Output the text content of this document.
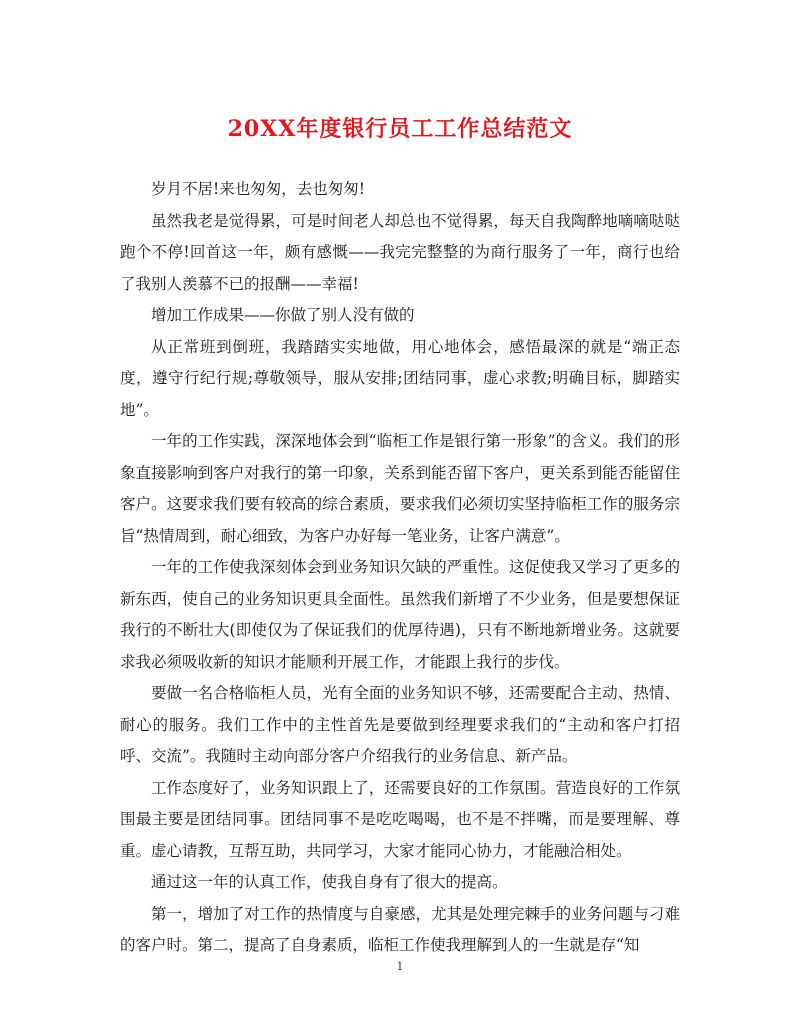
20XX年度银行员工工作总结范文

岁月不居!来也匆匆，去也匆匆!

虽然我老是觉得累，可是时间老人却总也不觉得累，每天自我陶醉地嘀嘀哒哒跑个不停!回首这一年，颇有感慨——我完完整整的为商行服务了一年，商行也给了我别人羡慕不已的报酬——幸福!

增加工作成果——你做了别人没有做的

从正常班到倒班，我踏踏实实地做，用心地体会，感悟最深的就是“端正态度，遵守行纪行规;尊敬领导，服从安排;团结同事，虚心求教;明确目标，脚踏实地”。

一年的工作实践，深深地体会到“临柜工作是银行第一形象”的含义。我们的形象直接影响到客户对我行的第一印象，关系到能否留下客户，更关系到能否能留住客户。这要求我们要有较高的综合素质，要求我们必须切实坚持临柜工作的服务宗旨“热情周到，耐心细致，为客户办好每一笔业务，让客户满意”。

一年的工作使我深刻体会到业务知识欠缺的严重性。这促使我又学习了更多的新东西，使自己的业务知识更具全面性。虽然我们新增了不少业务，但是要想保证我行的不断壮大(即使仅为了保证我们的优厚待遇)，只有不断地新增业务。这就要求我必须吸收新的知识才能顺利开展工作，才能跟上我行的步伐。

要做一名合格临柜人员，光有全面的业务知识不够，还需要配合主动、热情、耐心的服务。我们工作中的主性首先是要做到经理要求我们的“主动和客户打招呼、交流”。我随时主动向部分客户介绍我行的业务信息、新产品。

工作态度好了，业务知识跟上了，还需要良好的工作氛围。营造良好的工作氛围最主要是团结同事。团结同事不是吃吃喝喝，也不是不拌嘴，而是要理解、尊重。虚心请教，互帮互助，共同学习，大家才能同心协力，才能融洽相处。

通过这一年的认真工作，使我自身有了很大的提高。

第一，增加了对工作的热情度与自豪感，尤其是处理完棘手的业务问题与刁难的客户时。第二，提高了自身素质，临柜工作使我理解到人的一生就是存“知

1
